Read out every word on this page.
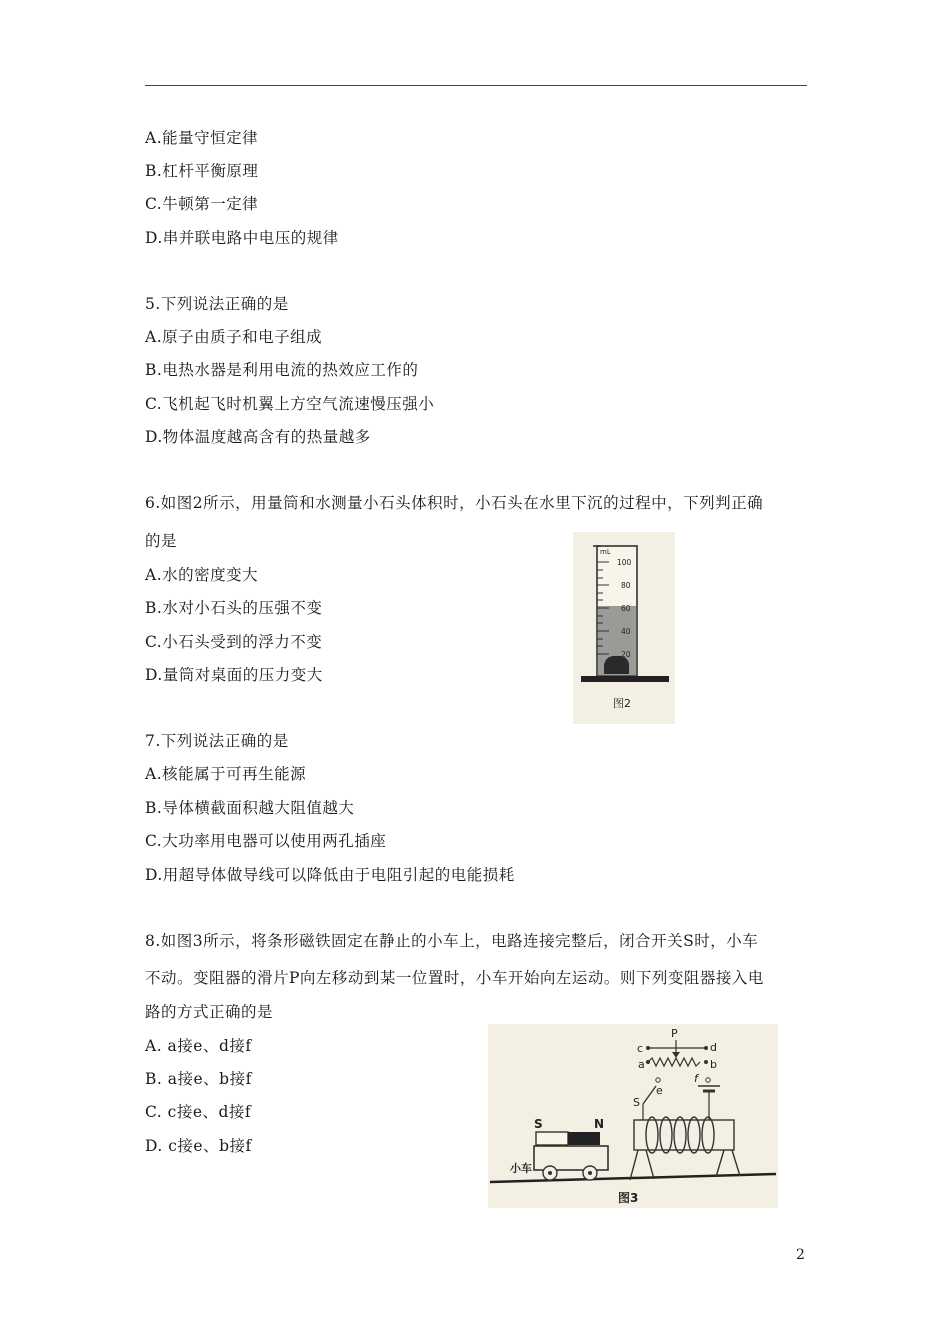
A.能量守恒定律
B.杠杆平衡原理
C.牛顿第一定律
D.串并联电路中电压的规律
5.下列说法正确的是
A.原子由质子和电子组成
B.电热水器是利用电流的热效应工作的
C.飞机起飞时机翼上方空气流速慢压强小
D.物体温度越高含有的热量越多
6.如图2所示，用量筒和水测量小石头体积时，小石头在水里下沉的过程中，下列判正确
的是
A.水的密度变大
B.水对小石头的压强不变
C.小石头受到的浮力不变
D.量筒对桌面的压力变大
mL
100
80
60
40
20
图2
7.下列说法正确的是
A.核能属于可再生能源
B.导体横截面积越大阻值越大
C.大功率用电器可以使用两孔插座
D.用超导体做导线可以降低由于电阻引起的电能损耗
8.如图3所示，将条形磁铁固定在静止的小车上，电路连接完整后，闭合开关S时，小车
不动。变阻器的滑片P向左移动到某一位置时，小车开始向左运动。则下列变阻器接入电
路的方式正确的是
A. a接e、d接f
B. a接e、b接f
C. c接e、d接f
D. c接e、b接f
P
c	d
a	b
e
f
S
S	N
小车
图3
2
